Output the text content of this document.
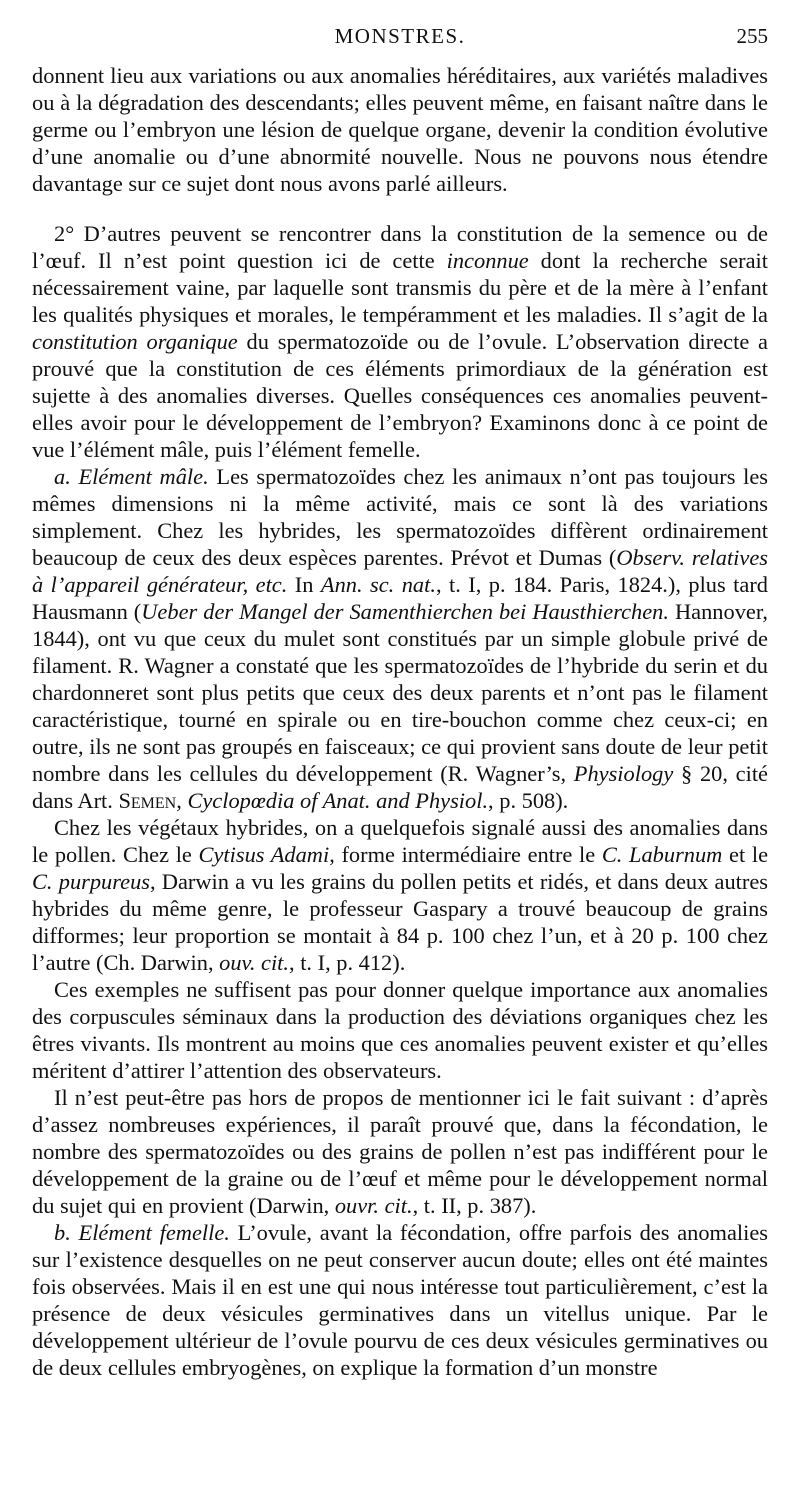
MONSTRES.	255

donnent lieu aux variations ou aux anomalies héréditaires, aux variétés maladives ou à la dégradation des descendants; elles peuvent même, en faisant naître dans le germe ou l’embryon une lésion de quelque organe, devenir la condition évolutive d’une anomalie ou d’une abnormité nouvelle. Nous ne pouvons nous étendre davantage sur ce sujet dont nous avons parlé ailleurs.

2° D’autres peuvent se rencontrer dans la constitution de la semence ou de l’œuf. Il n’est point question ici de cette inconnue dont la recherche serait nécessairement vaine, par laquelle sont transmis du père et de la mère à l’enfant les qualités physiques et morales, le tempéramment et les maladies. Il s’agit de la constitution organique du spermatozoïde ou de l’ovule. L’observation directe a prouvé que la constitution de ces éléments primordiaux de la génération est sujette à des anomalies diverses. Quelles conséquences ces anomalies peuvent-elles avoir pour le développement de l’embryon? Examinons donc à ce point de vue l’élément mâle, puis l’élément femelle.

a. Elément mâle. Les spermatozoïdes chez les animaux n’ont pas toujours les mêmes dimensions ni la même activité, mais ce sont là des variations simplement. Chez les hybrides, les spermatozoïdes diffèrent ordinairement beaucoup de ceux des deux espèces parentes. Prévot et Dumas (Observ. relatives à l’appareil générateur, etc. In Ann. sc. nat., t. I, p. 184. Paris, 1824.), plus tard Hausmann (Ueber der Mangel der Samenthierchen bei Hausthierchen. Hannover, 1844), ont vu que ceux du mulet sont constitués par un simple globule privé de filament. R. Wagner a constaté que les spermatozoïdes de l’hybride du serin et du chardonneret sont plus petits que ceux des deux parents et n’ont pas le filament caractéristique, tourné en spirale ou en tire-bouchon comme chez ceux-ci; en outre, ils ne sont pas groupés en faisceaux; ce qui provient sans doute de leur petit nombre dans les cellules du développement (R. Wagner’s, Physiology § 20, cité dans Art. Semen, Cyclopœdia of Anat. and Physiol., p. 508).

Chez les végétaux hybrides, on a quelquefois signalé aussi des anomalies dans le pollen. Chez le Cytisus Adami, forme intermédiaire entre le C. Laburnum et le C. purpureus, Darwin a vu les grains du pollen petits et ridés, et dans deux autres hybrides du même genre, le professeur Gaspary a trouvé beaucoup de grains difformes; leur proportion se montait à 84 p. 100 chez l’un, et à 20 p. 100 chez l’autre (Ch. Darwin, ouv. cit., t. I, p. 412).

Ces exemples ne suffisent pas pour donner quelque importance aux anomalies des corpuscules séminaux dans la production des déviations organiques chez les êtres vivants. Ils montrent au moins que ces anomalies peuvent exister et qu’elles méritent d’attirer l’attention des observateurs.

Il n’est peut-être pas hors de propos de mentionner ici le fait suivant : d’après d’assez nombreuses expériences, il paraît prouvé que, dans la fécondation, le nombre des spermatozoïdes ou des grains de pollen n’est pas indifférent pour le développement de la graine ou de l’œuf et même pour le développement normal du sujet qui en provient (Darwin, ouvr. cit., t. II, p. 387).

b. Elément femelle. L’ovule, avant la fécondation, offre parfois des anomalies sur l’existence desquelles on ne peut conserver aucun doute; elles ont été maintes fois observées. Mais il en est une qui nous intéresse tout particulièrement, c’est la présence de deux vésicules germinatives dans un vitellus unique. Par le développement ultérieur de l’ovule pourvu de ces deux vésicules germinatives ou de deux cellules embryogènes, on explique la formation d’un monstre
